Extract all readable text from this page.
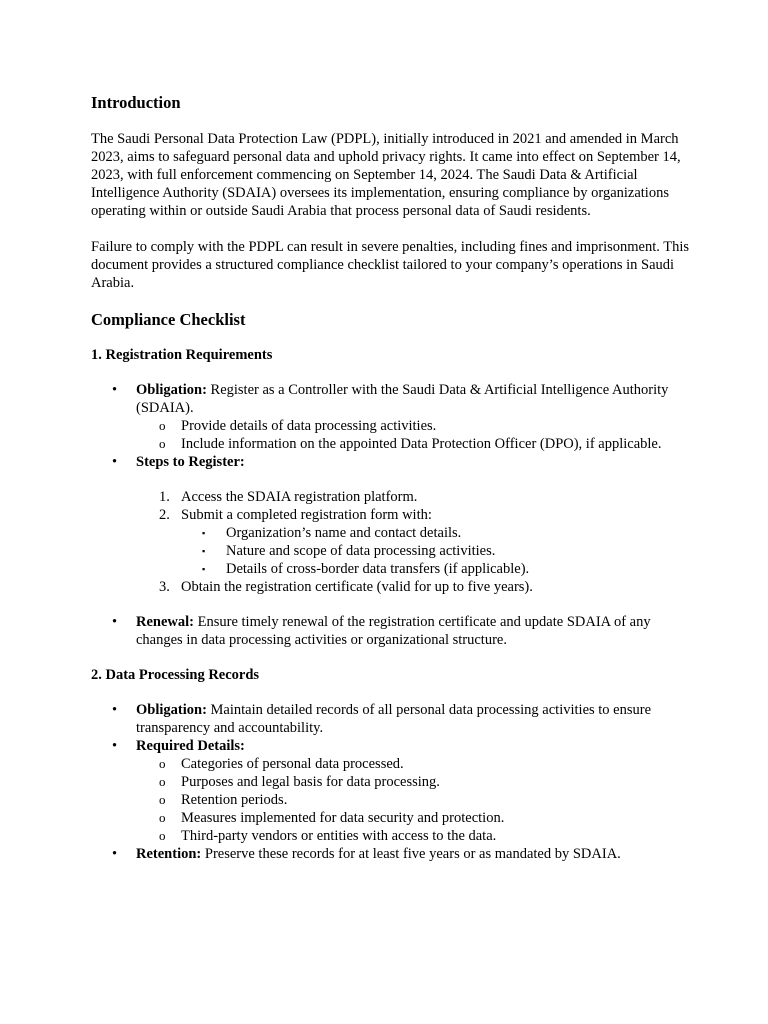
Introduction

The Saudi Personal Data Protection Law (PDPL), initially introduced in 2021 and amended in March 2023, aims to safeguard personal data and uphold privacy rights. It came into effect on September 14, 2023, with full enforcement commencing on September 14, 2024. The Saudi Data & Artificial Intelligence Authority (SDAIA) oversees its implementation, ensuring compliance by organizations operating within or outside Saudi Arabia that process personal data of Saudi residents.

Failure to comply with the PDPL can result in severe penalties, including fines and imprisonment. This document provides a structured compliance checklist tailored to your company’s operations in Saudi Arabia.

Compliance Checklist
1. Registration Requirements
• Obligation: Register as a Controller with the Saudi Data & Artificial Intelligence Authority (SDAIA).
o Provide details of data processing activities.
o Include information on the appointed Data Protection Officer (DPO), if applicable.
• Steps to Register:
1. Access the SDAIA registration platform.
2. Submit a completed registration form with:
▪ Organization’s name and contact details.
▪ Nature and scope of data processing activities.
▪ Details of cross-border data transfers (if applicable).
3. Obtain the registration certificate (valid for up to five years).
• Renewal: Ensure timely renewal of the registration certificate and update SDAIA of any changes in data processing activities or organizational structure.
2. Data Processing Records
• Obligation: Maintain detailed records of all personal data processing activities to ensure transparency and accountability.
• Required Details:
o Categories of personal data processed.
o Purposes and legal basis for data processing.
o Retention periods.
o Measures implemented for data security and protection.
o Third-party vendors or entities with access to the data.
• Retention: Preserve these records for at least five years or as mandated by SDAIA.
